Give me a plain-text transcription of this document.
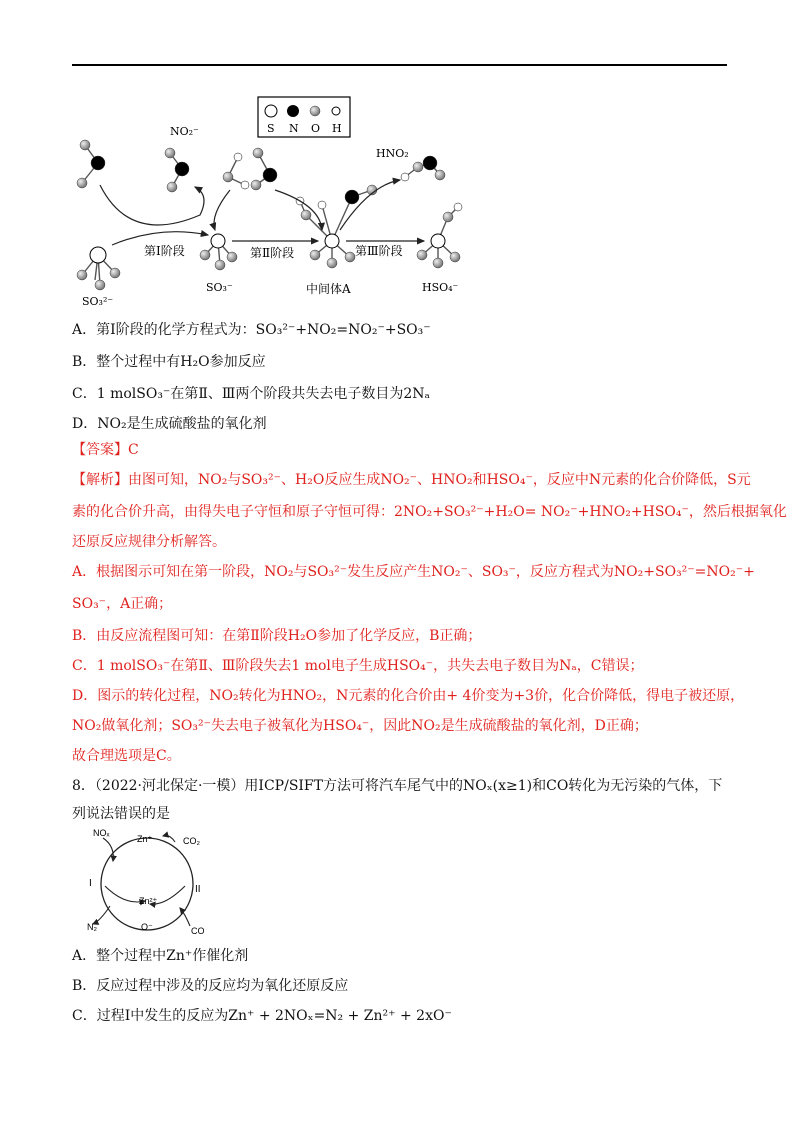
S N O H
第Ⅰ阶段	第Ⅱ阶段	第Ⅲ阶段
NO₂⁻
SO₃²⁻
SO₃⁻	中间体A
HNO₂
HSO₄⁻
A．第Ⅰ阶段的化学方程式为：SO₃²⁻+NO₂=NO₂⁻+SO₃⁻
B．整个过程中有H₂O参加反应
C．1 molSO₃⁻在第Ⅱ、Ⅲ两个阶段共失去电子数目为2Nₐ
D．NO₂是生成硫酸盐的氧化剂
【答案】C
【解析】由图可知，NO₂与SO₃²⁻、H₂O反应生成NO₂⁻、HNO₂和HSO₄⁻，反应中N元素的化合价降低，S元
素的化合价升高，由得失电子守恒和原子守恒可得：2NO₂+SO₃²⁻+H₂O= NO₂⁻+HNO₂+HSO₄⁻，然后根据氧化
还原反应规律分析解答。
A．根据图示可知在第一阶段，NO₂与SO₃²⁻发生反应产生NO₂⁻、SO₃⁻，反应方程式为NO₂+SO₃²⁻=NO₂⁻+
SO₃⁻，A正确；
B．由反应流程图可知：在第Ⅱ阶段H₂O参加了化学反应，B正确；
C．1 molSO₃⁻在第Ⅱ、Ⅲ阶段失去1 mol电子生成HSO₄⁻，共失去电子数目为Nₐ，C错误；
D．图示的转化过程，NO₂转化为HNO₂，N元素的化合价由+ 4价变为+3价，化合价降低，得电子被还原，
NO₂做氧化剂；SO₃²⁻失去电子被氧化为HSO₄⁻，因此NO₂是生成硫酸盐的氧化剂，D正确；
故合理选项是C。
8．（2022·河北保定·一模）用ICP/SIFT方法可将汽车尾气中的NOₓ(x≥1)和CO转化为无污染的气体，下
列说法错误的是
NOₓ
Zn⁺	CO₂
I
II
Zn²⁺
N₂	O⁻	CO
A．整个过程中Zn⁺作催化剂
B．反应过程中涉及的反应均为氧化还原反应
C．过程Ⅰ中发生的反应为Zn⁺ + 2NOₓ=N₂ + Zn²⁺ + 2xO⁻
